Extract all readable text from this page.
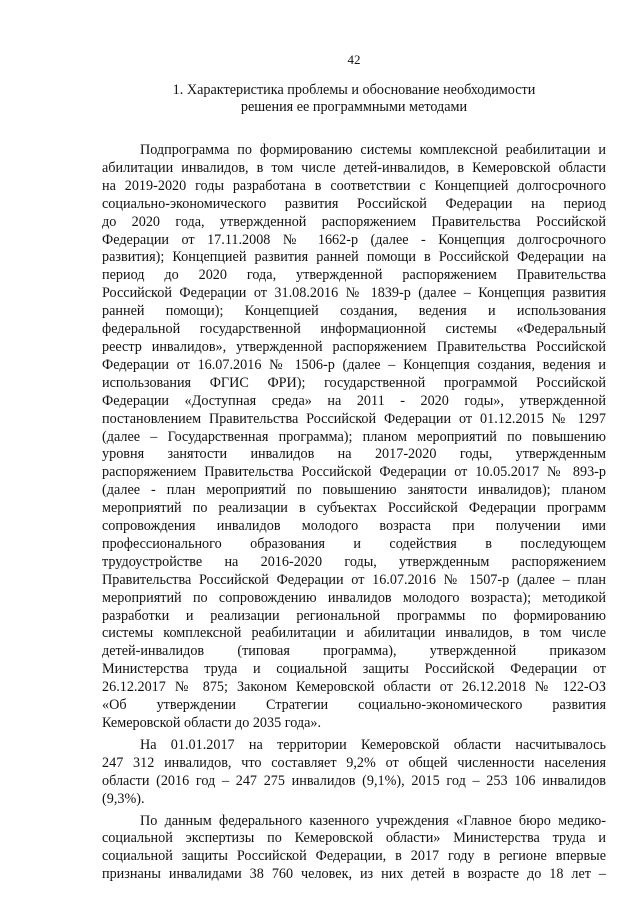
42
1. Характеристика проблемы и обоснование необходимости
решения ее программными методами
Подпрограмма по формированию системы комплексной реабилитации и
абилитации инвалидов, в том числе детей-инвалидов, в Кемеровской области
на 2019-2020 годы разработана в соответствии с Концепцией долгосрочного
социально-экономического развития Российской Федерации на период
до 2020 года, утвержденной распоряжением Правительства Российской
Федерации от 17.11.2008 № 1662-р (далее - Концепция долгосрочного
развития); Концепцией развития ранней помощи в Российской Федерации на
период до 2020 года, утвержденной распоряжением Правительства
Российской Федерации от 31.08.2016 № 1839-р (далее – Концепция развития
ранней помощи); Концепцией создания, ведения и использования
федеральной государственной информационной системы «Федеральный
реестр инвалидов», утвержденной распоряжением Правительства Российской
Федерации от 16.07.2016 № 1506-р (далее – Концепция создания, ведения и
использования ФГИС ФРИ); государственной программой Российской
Федерации «Доступная среда» на 2011 - 2020 годы», утвержденной
постановлением Правительства Российской Федерации от 01.12.2015 № 1297
(далее – Государственная программа); планом мероприятий по повышению
уровня занятости инвалидов на 2017-2020 годы, утвержденным
распоряжением Правительства Российской Федерации от 10.05.2017 № 893-р
(далее - план мероприятий по повышению занятости инвалидов); планом
мероприятий по реализации в субъектах Российской Федерации программ
сопровождения инвалидов молодого возраста при получении ими
профессионального образования и содействия в последующем
трудоустройстве на 2016-2020 годы, утвержденным распоряжением
Правительства Российской Федерации от 16.07.2016 № 1507-р (далее – план
мероприятий по сопровождению инвалидов молодого возраста); методикой
разработки и реализации региональной программы по формированию
системы комплексной реабилитации и абилитации инвалидов, в том числе
детей-инвалидов (типовая программа), утвержденной приказом
Министерства труда и социальной защиты Российской Федерации от
26.12.2017 № 875; Законом Кемеровской области от 26.12.2018 № 122-ОЗ
«Об утверждении Стратегии социально-экономического развития
Кемеровской области до 2035 года».
На 01.01.2017 на территории Кемеровской области насчитывалось
247 312 инвалидов, что составляет 9,2% от общей численности населения
области (2016 год – 247 275 инвалидов (9,1%), 2015 год – 253 106 инвалидов
(9,3%).
По данным федерального казенного учреждения «Главное бюро медико-
социальной экспертизы по Кемеровской области» Министерства труда и
социальной защиты Российской Федерации, в 2017 году в регионе впервые
признаны инвалидами 38 760 человек, из них детей в возрасте до 18 лет –
